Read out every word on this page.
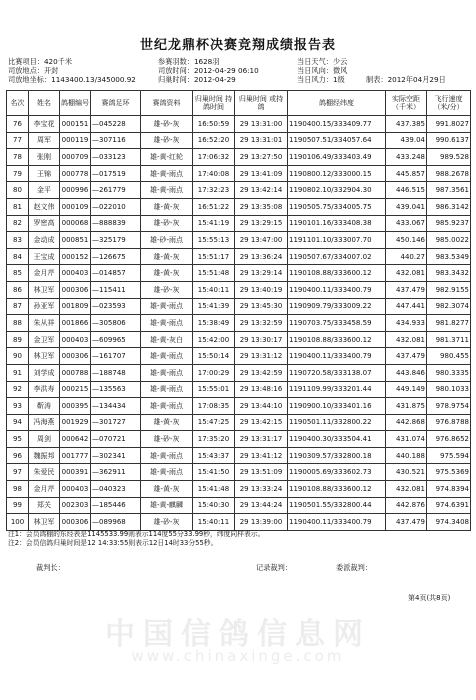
世纪龙鼎杯决赛竞翔成绩报告表
比赛项目：420千米
司放地点：开封
司放地坐标：1143400.13/345000.92
参赛羽数：1628羽
司放时间：2012-04-29 06:10
归巢时间：2012-04-29
当日天气：少云
当日风向：微风
当日风力：1级	制表：2012年04月29日
名次	姓名	鸽棚编号	赛鸽足环	赛鸽资料	归巢时间 持鸽时间	归巢时间 或持鸽	鸽棚经纬度	实际空距 （千米）	飞行速度 （米/分）
76	李宝花	000151	—045228	雄-砂-灰	16:50:59	29 13:31:00	1190400.15/333409.77	437.385	991.8027
77	周军	000119	—307116	雄-砂-灰	16:52:20	29 13:31:01	1190507.51/334057.64	439.04	990.6137
78	张刚	000709	—033123	雄-黄-红轮	17:06:32	29 13:27:50	1190106.49/333403.49	433.248	989.528
79	王锦	000778	—017519	雄-黄-雨点	17:40:08	29 13:41:09	1190800.12/333000.15	445.857	988.2678
80	金平	000996	—261779	雄-黄-雨点	17:32:23	29 13:42:14	1190802.10/332904.30	446.515	987.3561
81	赵文伟	000109	—022010	雄-黄-灰	16:51:22	29 13:35:08	1190505.75/334005.75	439.041	986.3142
82	罗密高	000068	—888839	雄-砂-灰	15:41:19	29 13:29:15	1190101.16/333408.38	433.067	985.9237
83	金动成	000851	—325179	雄-砂-雨点	15:55:13	29 13:47:00	1191101.10/333007.70	450.146	985.0022
84	王宝成	000152	—126675	雄-黄-灰	15:51:17	29 13:36:24	1190507.67/334007.02	440.27	983.5349
85	金月芹	000403	—014857	雄-黄-灰	15:51:48	29 13:29:14	1190108.88/333600.12	432.081	983.3432
86	林卫军	000306	—115411	雄-砂-灰	15:40:11	29 13:40:19	1190400.11/333400.79	437.479	982.9155
87	孙亚军	001809	—023593	雄-黄-雨点	15:41:39	29 13:45:30	1190909.79/333009.22	447.441	982.3074
88	朱从祥	001866	—305806	雄-黄-雨点	15:38:49	29 13:32:59	1190703.75/333458.59	434.933	981.8277
89	金卫军	000403	—609965	雄-黄-灰白	15:42:00	29 13:30:17	1190108.88/333600.12	432.081	981.3711
90	林卫军	000306	—161707	雄-黄-雨点	15:50:14	29 13:31:12	1190400.11/333400.79	437.479	980.455
91	刘学成	000788	—188748	雄-黄-雨点	17:00:29	29 13:42:59	1190720.58/333138.07	443.846	980.3335
92	李洪寿	000215	—135563	雄-黄-雨点	15:55:01	29 13:48:16	1191109.99/333201.44	449.149	980.1033
93	靳涛	000395	—134434	雄-黄-雨点	17:08:35	29 13:44:10	1190900.10/333401.16	431.875	978.9754
94	冯海燕	001929	—301727	雄-黄-灰	15:47:25	29 13:42:15	1190501.11/332800.22	442.868	976.8788
95	周剑	000642	—070721	雄-砂-灰	17:35:20	29 13:31:17	1190400.30/333504.41	431.074	976.8652
96	魏振邦	001777	—302341	雄-黄-雨点	15:43:37	29 13:41:12	1190309.57/332800.18	440.188	975.594
97	朱爱民	000391	—362911	雄-黄-雨点	15:41:50	29 13:51:09	1190005.69/333602.73	430.521	975.5369
98	金月芹	000403	—040323	雄-黄-灰	15:41:48	29 13:33:24	1190108.88/333600.12	432.081	974.8394
99	郑关	002303	—185446	雄-黄-麒麟	15:40:30	29 13:44:24	1190501.55/332800.44	442.876	974.6391
100	林卫军	000306	—089968	雄-砂-灰	15:40:11	29 13:39:00	1190400.11/333400.79	437.479	974.3408
注1：会员鸽棚的东经表是1145533.99则表示114度55分33.99秒，纬度同样表示。
注2：会员信鸽归巢时间是12 14:33:55则表示12日14时33分55秒。
裁判长：	记录裁判：	委派裁判：
第4页(共8页)
中国信鸽信息网
www.chinaxinge.com
